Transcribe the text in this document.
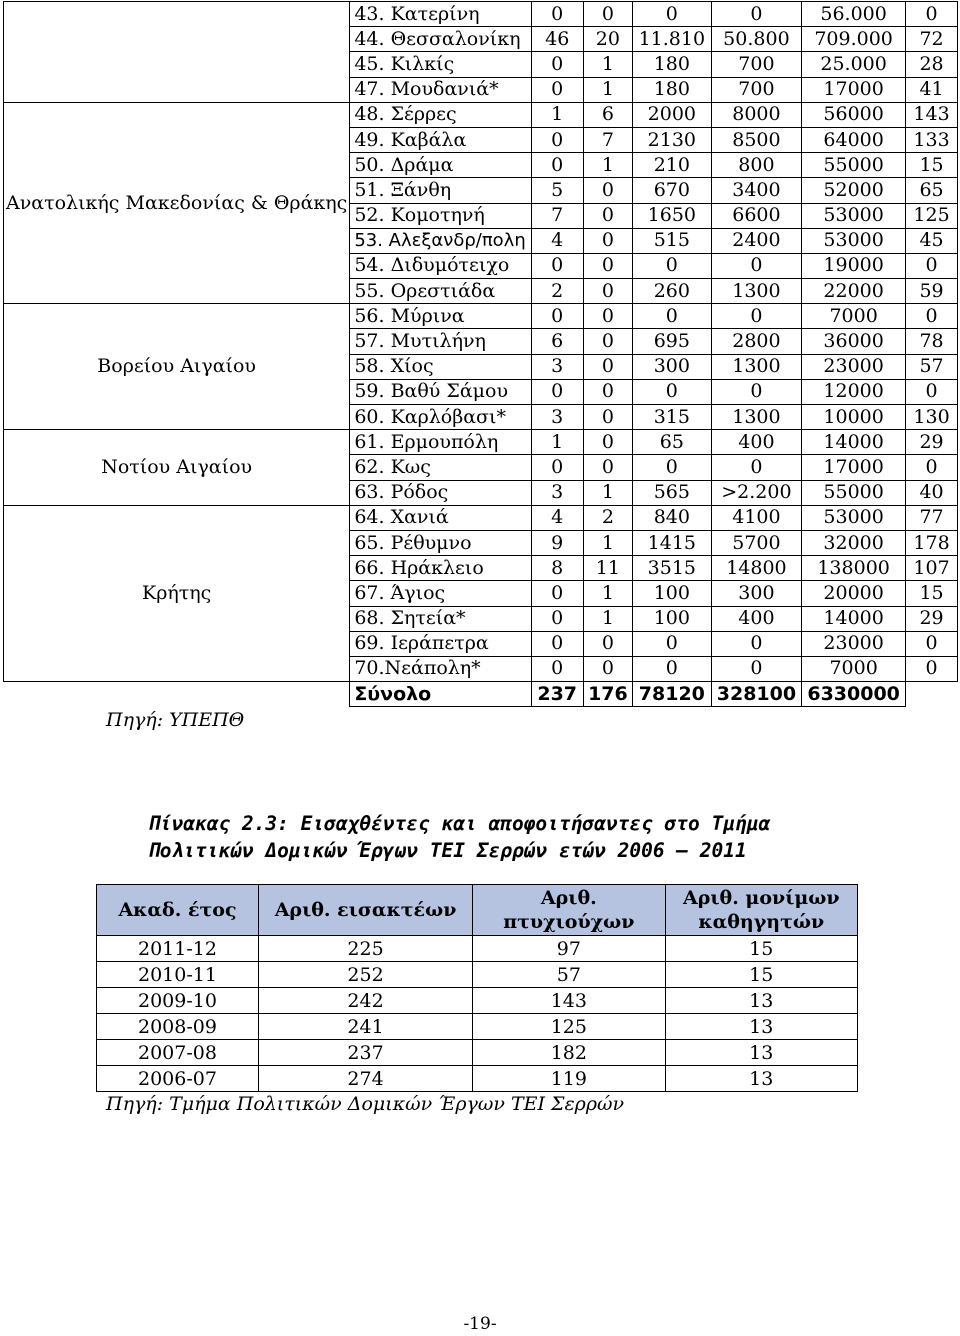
	43. Κατερίνη	0	0	0	0	56.000	0
	44. Θεσσαλονίκη	46	20	11.810	50.800	709.000	72
	45. Κιλκίς	0	1	180	700	25.000	28
	47. Μουδανιά*	0	1	180	700	17000	41
Ανατολικής Μακεδονίας & Θράκης	48. Σέρρες	1	6	2000	8000	56000	143
	49. Καβάλα	0	7	2130	8500	64000	133
	50. Δράμα	0	1	210	800	55000	15
	51. Ξάνθη	5	0	670	3400	52000	65
	52. Κομοτηνή	7	0	1650	6600	53000	125
	53. Αλεξανδρ/πολη	4	0	515	2400	53000	45
	54. Διδυμότειχο	0	0	0	0	19000	0
	55. Ορεστιάδα	2	0	260	1300	22000	59
Βορείου Αιγαίου	56. Μύρινα	0	0	0	0	7000	0
	57. Μυτιλήνη	6	0	695	2800	36000	78
	58. Χίος	3	0	300	1300	23000	57
	59. Βαθύ Σάμου	0	0	0	0	12000	0
	60. Καρλόβασι*	3	0	315	1300	10000	130
Νοτίου Αιγαίου	61. Ερμουπόλη	1	0	65	400	14000	29
	62. Κως	0	0	0	0	17000	0
	63. Ρόδος	3	1	565	>2.200	55000	40
Κρήτης	64. Χανιά	4	2	840	4100	53000	77
	65. Ρέθυμνο	9	1	1415	5700	32000	178
	66. Ηράκλειο	8	11	3515	14800	138000	107
	67. Άγιος	0	1	100	300	20000	15
	68. Σητεία*	0	1	100	400	14000	29
	69. Ιεράπετρα	0	0	0	0	23000	0
	70.Νεάπολη*	0	0	0	0	7000	0
	Σύνολο	237	176	78120	328100	6330000	
Πηγή: ΥΠΕΠΘ
Πίνακας 2.3: Εισαχθέντες και αποφοιτήσαντες στο Τμήμα
Πολιτικών Δομικών Έργων ΤΕΙ Σερρών ετών 2006 – 2011
Ακαδ. έτος	Αριθ. εισακτέων	Αριθ. πτυχιούχων	Αριθ. μονίμων καθηγητών
2011-12	225	97	15
2010-11	252	57	15
2009-10	242	143	13
2008-09	241	125	13
2007-08	237	182	13
2006-07	274	119	13
Πηγή: Τμήμα Πολιτικών Δομικών Έργων ΤΕΙ Σερρών
-19-
